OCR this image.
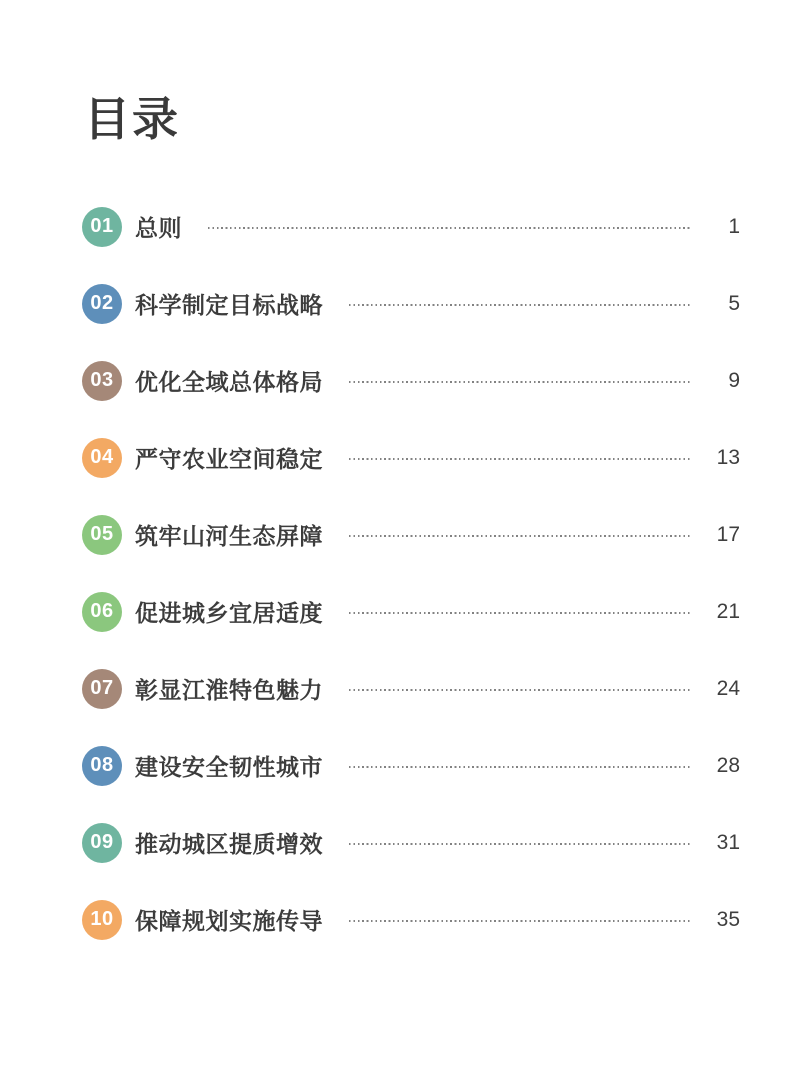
目录
01 总则	1
02 科学制定目标战略	5
03 优化全域总体格局	9
04 严守农业空间稳定	13
05 筑牢山河生态屏障	17
06 促进城乡宜居适度	21
07 彰显江淮特色魅力	24
08 建设安全韧性城市	28
09 推动城区提质增效	31
10 保障规划实施传导	35
